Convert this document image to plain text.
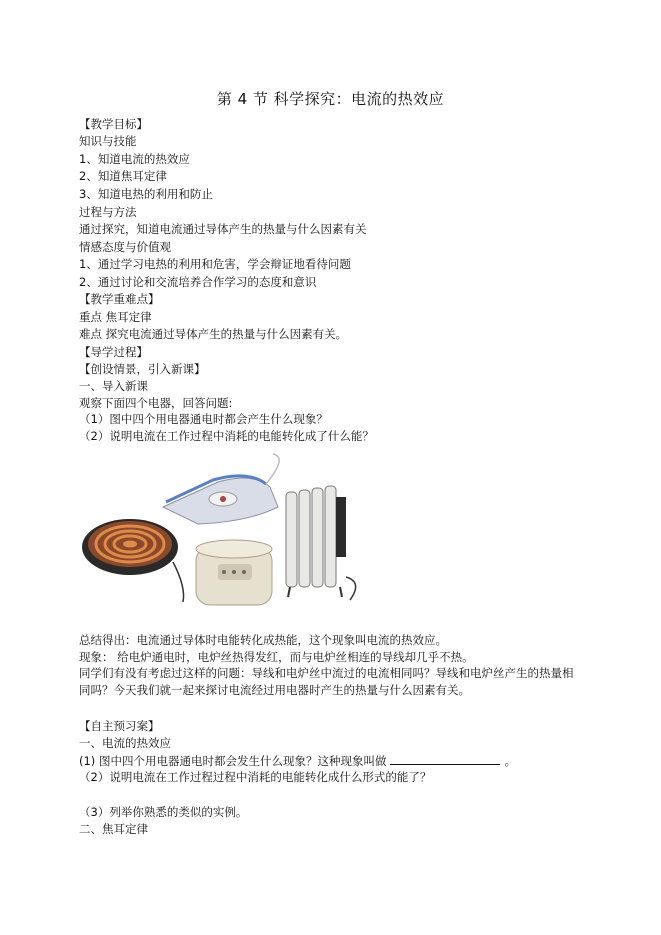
第 4 节 科学探究：电流的热效应
【教学目标】
知识与技能
1、知道电流的热效应
2、知道焦耳定律
3、知道电热的利用和防止
过程与方法
通过探究，知道电流通过导体产生的热量与什么因素有关
情感态度与价值观
1、通过学习电热的利用和危害，学会辩证地看待问题
2、通过讨论和交流培养合作学习的态度和意识
【教学重难点】
重点 焦耳定律
难点 探究电流通过导体产生的热量与什么因素有关。
【导学过程】
【创设情景，引入新课】
一、导入新课
观察下面四个电器，回答问题:
（1）图中四个用电器通电时都会产生什么现象？
（2）说明电流在工作过程中消耗的电能转化成了什么能？
总结得出：电流通过导体时电能转化成热能，这个现象叫电流的热效应。
现象： 给电炉通电时，电炉丝热得发红，而与电炉丝相连的导线却几乎不热。
同学们有没有考虑过这样的问题：导线和电炉丝中流过的电流相同吗？导线和电炉丝产生的热量相同吗？今天我们就一起来探讨电流经过用电器时产生的热量与什么因素有关。
【自主预习案】
一、电流的热效应
(1) 图中四个用电器通电时都会发生什么现象？这种现象叫做	。
（2）说明电流在工作过程过程中消耗的电能转化成什么形式的能了？
（3）列举你熟悉的类似的实例。
二、焦耳定律
